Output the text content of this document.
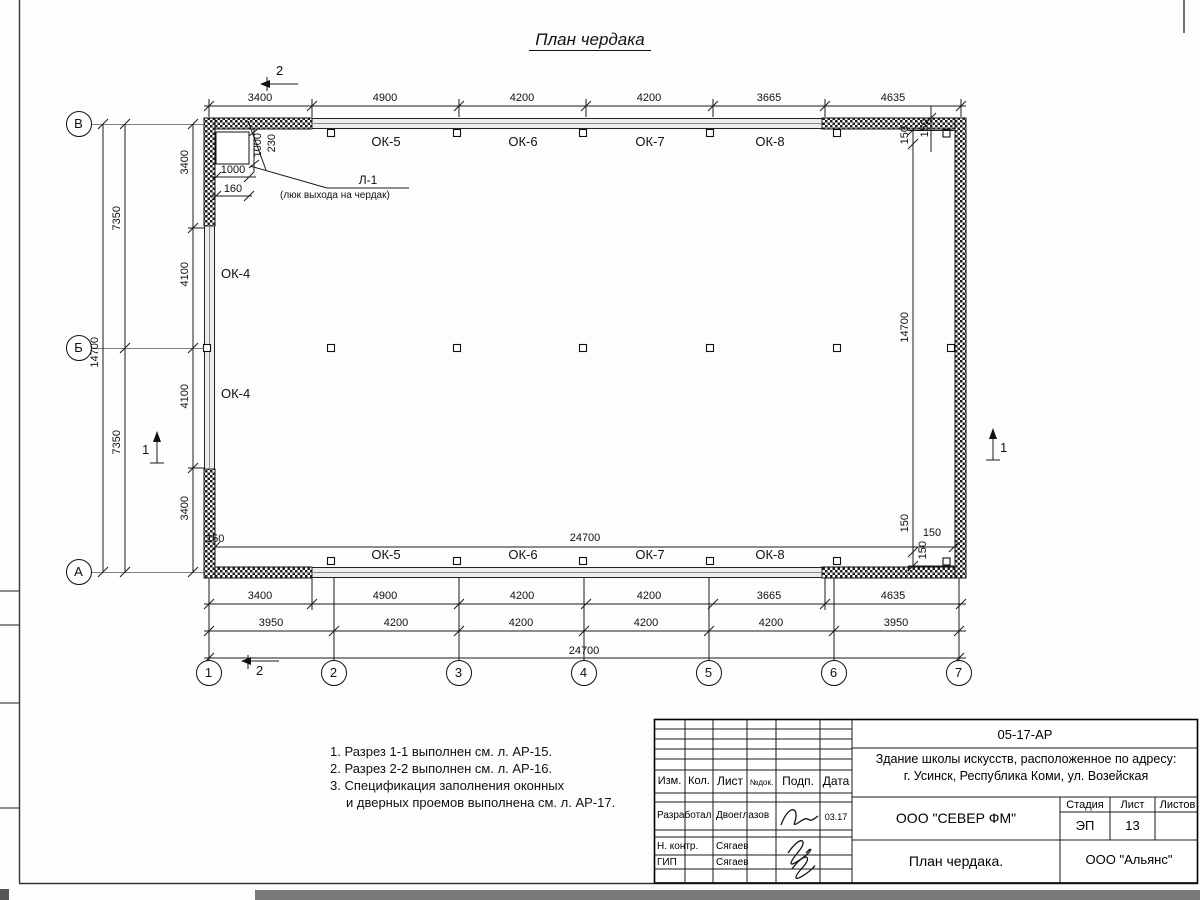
План чердака
3400	4900	4200	4200	3665	4635
150
2
2
1	1
ОК-5	ОК-6	ОК-7	ОК-8
ОК-5	ОК-6	ОК-7	ОК-8
ОК-4
ОК-4
1000 230
1000
160
Л-1
(люк выхода на чердак)
3400
4100
4100
3400
7350
7350
14700
150
14700
150
150
150	24700	150
3400	4900	4200	4200	3665	4635
3950	4200	4200	4200	4200	3950
24700
В
Б
А
1	2	3	4	5	6	7
1. Разрез 1-1 выполнен см. л. АР-15.
2. Разрез 2-2 выполнен см. л. АР-16.
3. Спецификация заполнения оконных
и дверных проемов выполнена см. л. АР-17.
Изм. Кол. Лист №док. Подп. Дата
Разработал Двоеглазов	03.17
Н. контр. Сягаев
ГИП	Сягаев
05-17-АР
Здание школы искусств, расположенное по адресу:
г. Усинск, Республика Коми, ул. Возейская
Стадия	Лист	Листов
ЭП	13
ООО "СЕВЕР ФМ"
План чердака.	ООО "Альянс"
